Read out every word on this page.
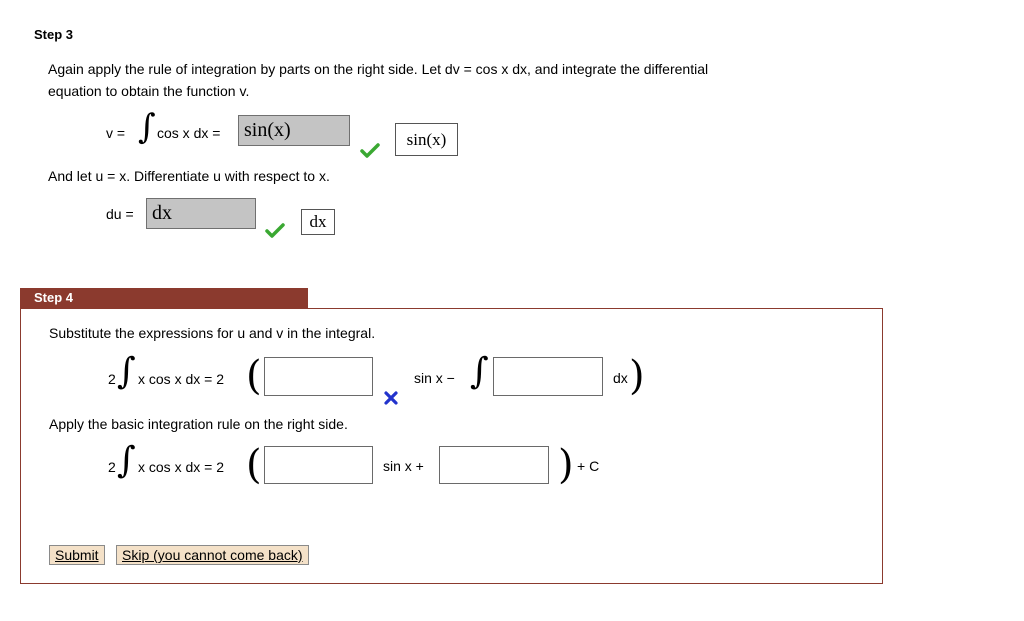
Step 3
Again apply the rule of integration by parts on the right side. Let dv = cos x dx, and integrate the differential
equation to obtain the function v.
v = ∫ cos x dx =	sin(x)	sin(x)
And let u = x. Differentiate u with respect to x.
du = dx	dx
Step 4
Substitute the expressions for u and v in the integral.
2 ∫ x cos x dx = 2 (	sin x − ∫	dx )
Apply the basic integration rule on the right side.
2 ∫ x cos x dx = 2 (	sin x +	) + C
Submit	Skip (you cannot come back)
